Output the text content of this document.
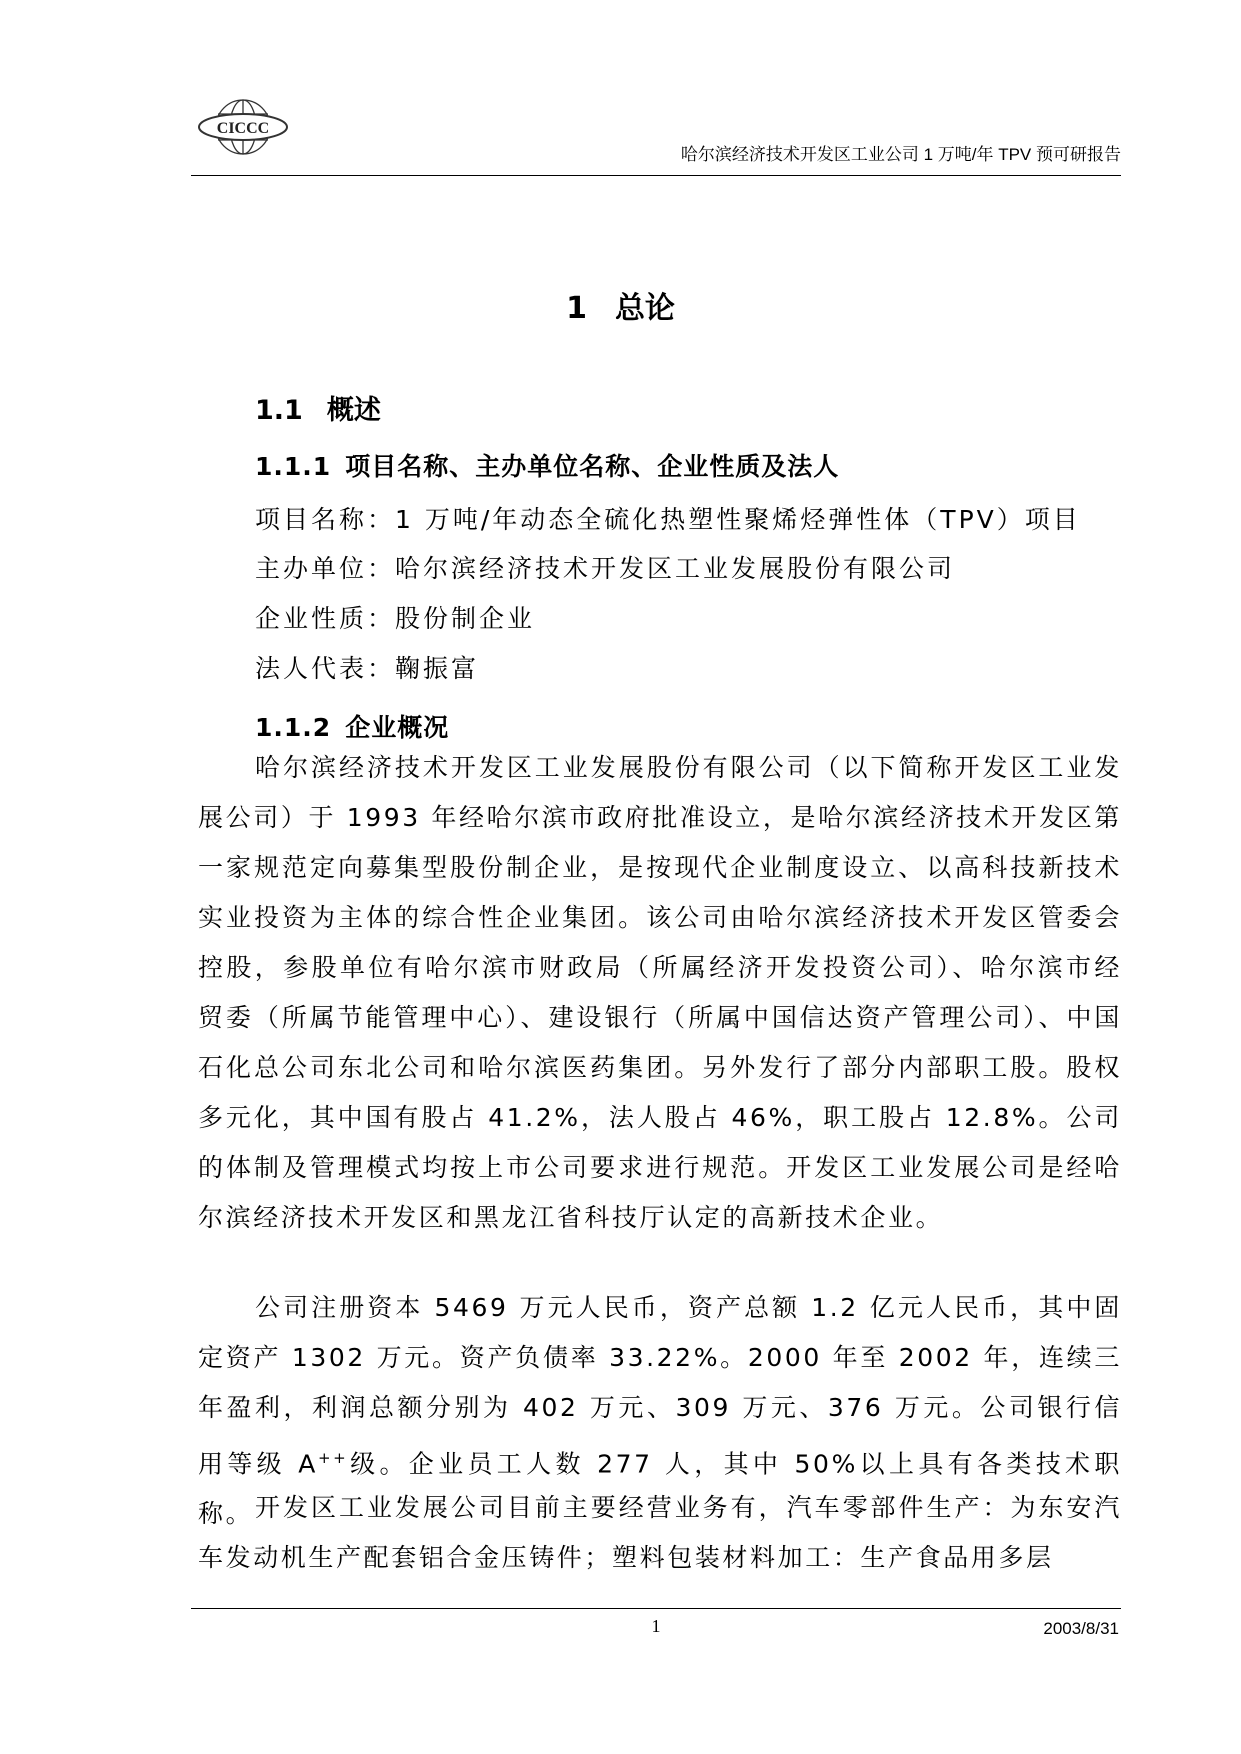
CICCC
哈尔滨经济技术开发区工业公司 1 万吨/年 TPV 预可研报告
1 总论
1.1 概述
1.1.1 项目名称、主办单位名称、企业性质及法人
项目名称：1 万吨/年动态全硫化热塑性聚烯烃弹性体（TPV）项目
主办单位：哈尔滨经济技术开发区工业发展股份有限公司
企业性质：股份制企业
法人代表：鞠振富
1.1.2 企业概况

哈尔滨经济技术开发区工业发展股份有限公司（以下简称开发区工业发展公司）于 1993 年经哈尔滨市政府批准设立，是哈尔滨经济技术开发区第一家规范定向募集型股份制企业，是按现代企业制度设立、以高科技新技术实业投资为主体的综合性企业集团。该公司由哈尔滨经济技术开发区管委会控股，参股单位有哈尔滨市财政局（所属经济开发投资公司）、哈尔滨市经贸委（所属节能管理中心）、建设银行（所属中国信达资产管理公司）、中国石化总公司东北公司和哈尔滨医药集团。另外发行了部分内部职工股。股权多元化，其中国有股占 41.2%，法人股占 46%，职工股占 12.8%。公司的体制及管理模式均按上市公司要求进行规范。开发区工业发展公司是经哈尔滨经济技术开发区和黑龙江省科技厅认定的高新技术企业。

公司注册资本 5469 万元人民币，资产总额 1.2 亿元人民币，其中固定资产 1302 万元。资产负债率 33.22%。2000 年至 2002 年，连续三年盈利，利润总额分别为 402 万元、309 万元、376 万元。公司银行信用等级 A++级。企业员工人数 277 人，其中 50%以上具有各类技术职称。 开发区工业发展公司目前主要经营业务有，汽车零部件生产：为东安汽车发动机生产配套铝合金压铸件；塑料包装材料加工：生产食品用多层

1	2003/8/31
